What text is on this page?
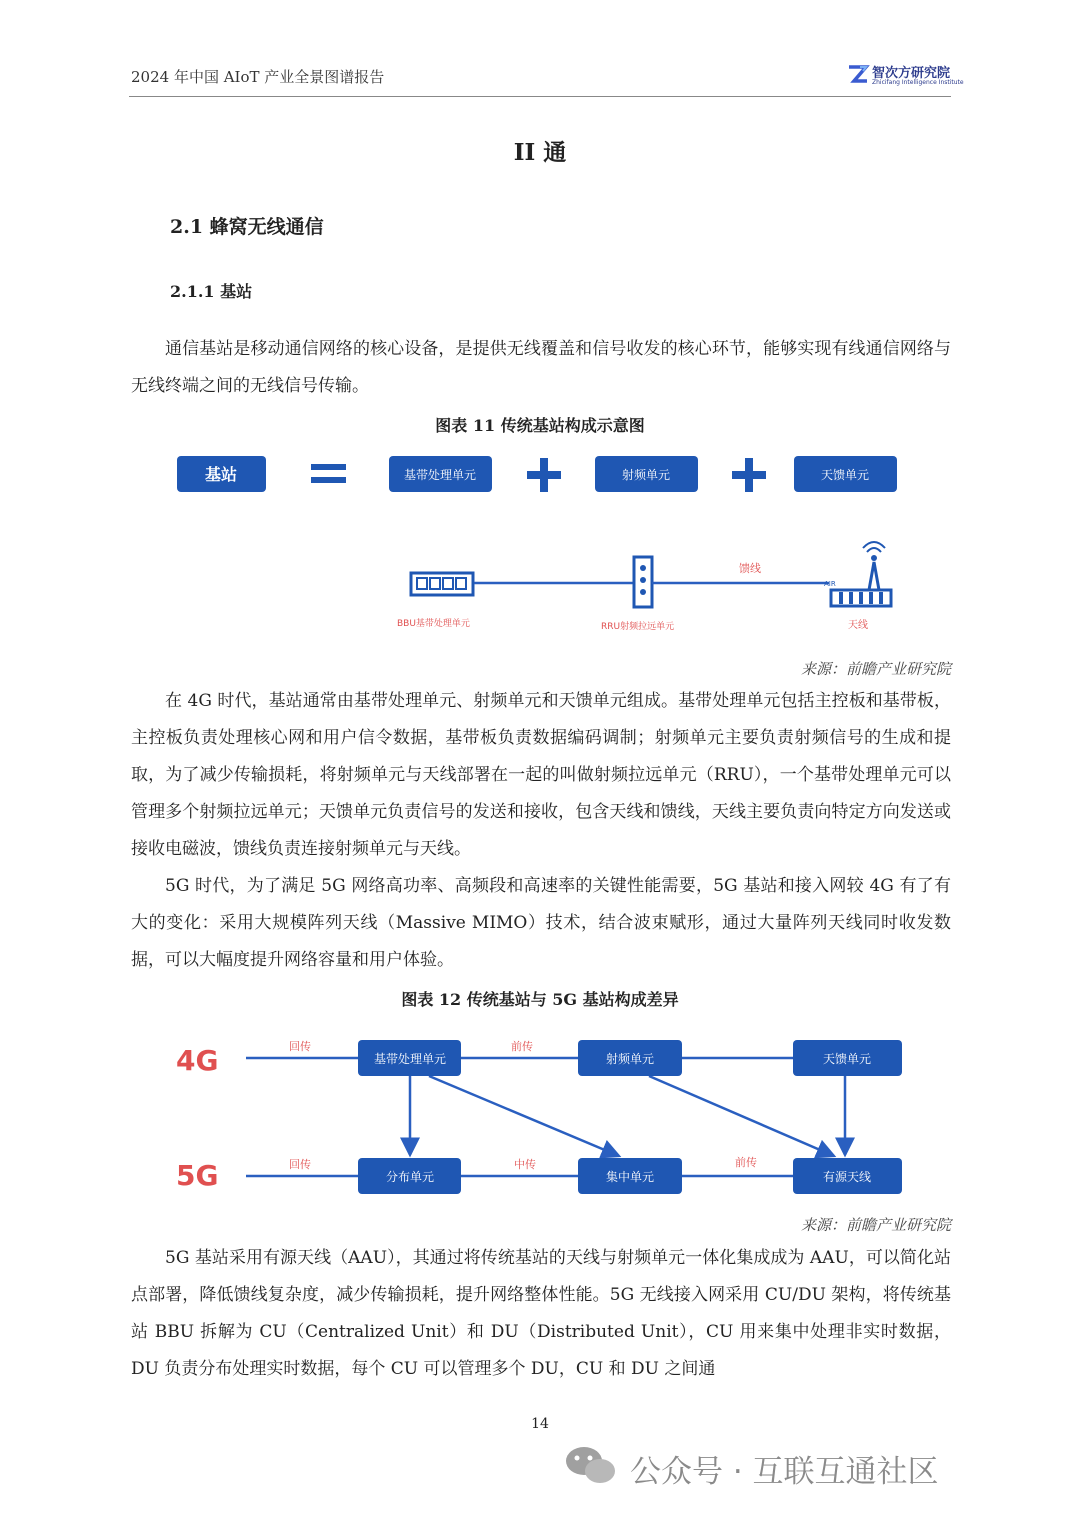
2024 年中国 AIoT 产业全景图谱报告	智次方研究院
Zhicifang Intelligence Institute
II 通
2.1 蜂窝无线通信
2.1.1 基站
通信基站是移动通信网络的核心设备，是提供无线覆盖和信号收发的核心环节，能够实现有线通信网络与无线终端之间的无线信号传输。
图表 11 传统基站构成示意图
基站	基带处理单元	射频单元	天馈单元
BBU基带处理单元	RRU射频拉远单元
馈线
AIR
天线
来源：前瞻产业研究院
在 4G 时代，基站通常由基带处理单元、射频单元和天馈单元组成。基带处理单元包括主控板和基带板，主控板负责处理核心网和用户信令数据，基带板负责数据编码调制；射频单元主要负责射频信号的生成和提取，为了减少传输损耗，将射频单元与天线部署在一起的叫做射频拉远单元（RRU），一个基带处理单元可以管理多个射频拉远单元；天馈单元负责信号的发送和接收，包含天线和馈线，天线主要负责向特定方向发送或接收电磁波，馈线负责连接射频单元与天线。
5G 时代，为了满足 5G 网络高功率、高频段和高速率的关键性能需要，5G 基站和接入网较 4G 有了有大的变化：采用大规模阵列天线（Massive MIMO）技术，结合波束赋形，通过大量阵列天线同时收发数据，可以大幅度提升网络容量和用户体验。
图表 12 传统基站与 5G 基站构成差异
4G
5G
回传	前传
回传	中传	前传
基带处理单元	射频单元	天馈单元
分布单元	集中单元	有源天线
来源：前瞻产业研究院
5G 基站采用有源天线（AAU），其通过将传统基站的天线与射频单元一体化集成成为 AAU，可以简化站点部署，降低馈线复杂度，减少传输损耗，提升网络整体性能。5G 无线接入网采用 CU/DU 架构，将传统基站 BBU 拆解为 CU（Centralized Unit）和 DU（Distributed Unit），CU 用来集中处理非实时数据，DU 负责分布处理实时数据，每个 CU 可以管理多个 DU，CU 和 DU 之间通
14
公众号 · 互联互通社区
